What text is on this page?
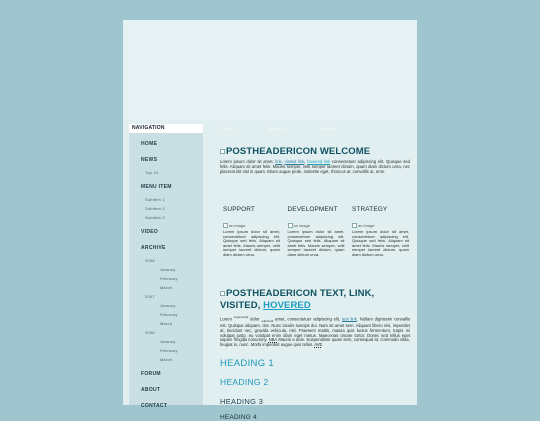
Home	About us	Contact
NAVIGATION
HOME
NEWS
Top 10
MENU ITEM
Subitem 1
Subitem 2
Subitem 3
VIDEO
ARCHIVE
2008
January
February
March
2007
January
February
March
2006
January
February
March
FORUM
ABOUT
CONTACT
POSTHEADERICON WELCOME

Lorem ipsum dolor sit amet, link, visited link, hovered link consectetuer adipiscing elit. Quisque sed felis. Aliquam sit amet felis. Mauris semper, velit semper laoreet dictum, quam diam dictum urna, nec placerat elit nisl in quam. Etiam augue pede, molestie eget, rhoncus at, convallis ut, eros.

SUPPORT
an image

Lorem ipsum dolor sit amet, consectetuer adipiscing elit. Quisque sed felis. Aliquam sit amet felis. Mauris semper, velit semper laoreet dictum, quam diam dictum urna.

DEVELOPMENT
an image

Lorem ipsum dolor sit amet, consectetuer adipiscing elit. Quisque sed felis. Aliquam sit amet felis. Mauris semper, velit semper laoreet dictum, quam diam dictum urna.

STRATEGY
an image

Lorem ipsum dolor sit amet, consectetuer adipiscing elit. Quisque sed felis. Aliquam sit amet felis. Mauris semper, velit semper laoreet dictum, quam diam dictum urna.

POSTHEADERICON TEXT, LINK, VISITED, HOVERED

Lorem $^{superscript}$ dolor $_{subscript}$ amet, consectetuer adipiscing elit, test link. Nullam dignissim convallis est. Quisque aliquam. cite. Nunc iaculis suscipit dui. Nam sit amet sem. Aliquam libero nisi, imperdiet at, tincidunt nec, gravida vehicula, nisl. Praesent mattis, massa quis luctus fermentum, turpis mi volutpat justo, eu volutpat enim diam eget metus. Maecenas ornare tortor. Donec sed tellus eget sapien fringilla nonummy. NBA Mauris a ante. Suspendisse quam sem, consequat at, commodo vitae, feugiat in, nunc. Morbi imperdiet augue quis tellus. AVE

HEADING 1
HEADING 2
HEADING 3
HEADING 4
